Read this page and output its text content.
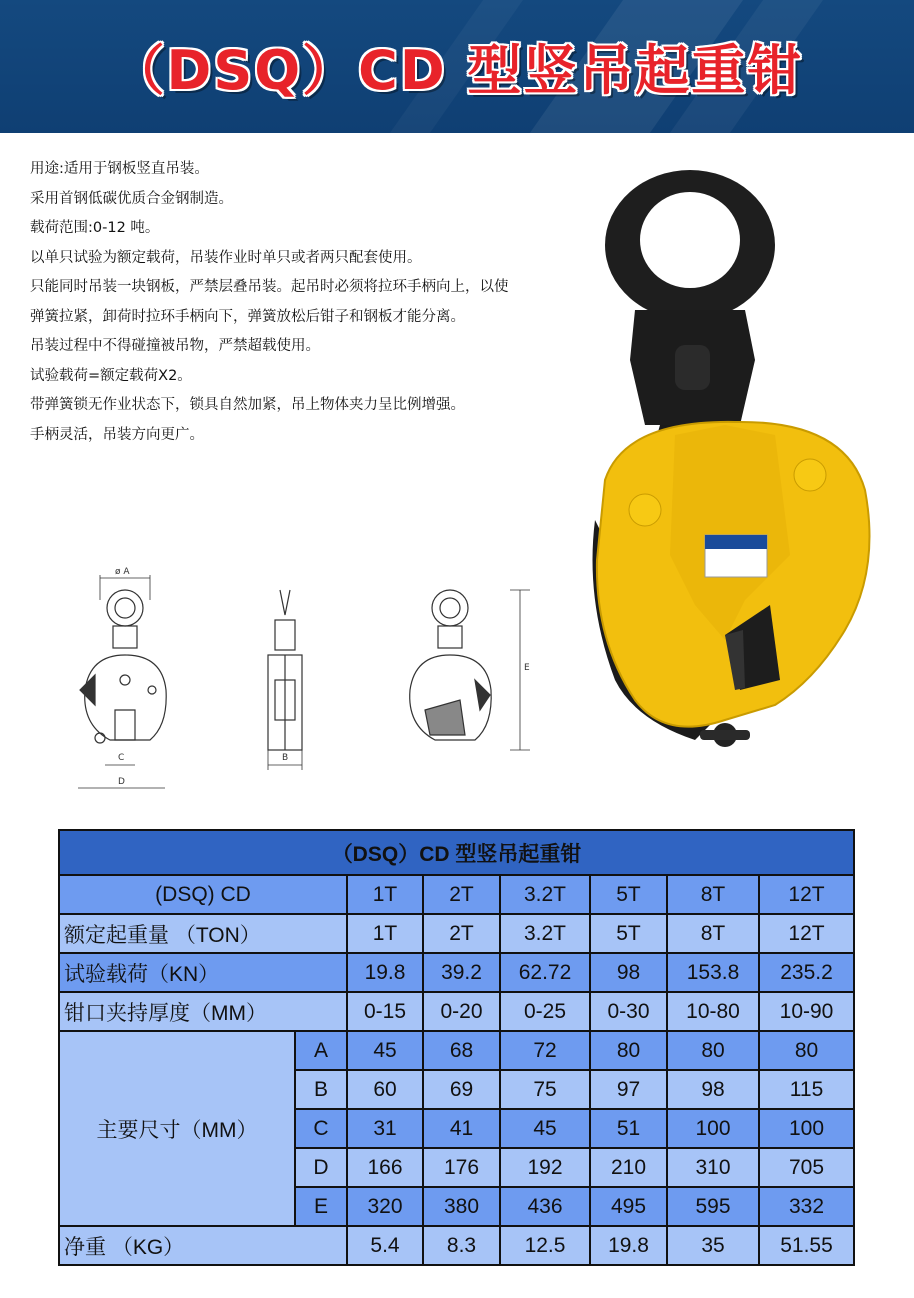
（DSQ）CD 型竖吊起重钳
用途:适用于钢板竖直吊装。
采用首钢低碳优质合金钢制造。
载荷范围:0-12 吨。
以单只试验为额定载荷，吊装作业时单只或者两只配套使用。
只能同时吊装一块钢板，严禁层叠吊装。起吊时必须将拉环手柄向上，以使
弹簧拉紧，卸荷时拉环手柄向下，弹簧放松后钳子和钢板才能分离。
吊装过程中不得碰撞被吊物，严禁超载使用。
试验载荷=额定载荷X2。
带弹簧锁无作业状态下，锁具自然加紧，吊上物体夹力呈比例增强。
手柄灵活，吊装方向更广。
ø A
C
D
B
E
（DSQ）CD 型竖吊起重钳							
(DSQ) CD		1T	2T	3.2T	5T	8T	12T
额定起重量 （TON）		1T	2T	3.2T	5T	8T	12T
试验载荷（KN）		19.8	39.2	62.72	98	153.8	235.2
钳口夹持厚度（MM）		0-15	0-20	0-25	0-30	10-80	10-90
主要尺寸（MM）	A	45	68	72	80	80	80
	B	60	69	75	97	98	115
	C	31	41	45	51	100	100
	D	166	176	192	210	310	705
	E	320	380	436	495	595	332
净重 （KG）		5.4	8.3	12.5	19.8	35	51.55
